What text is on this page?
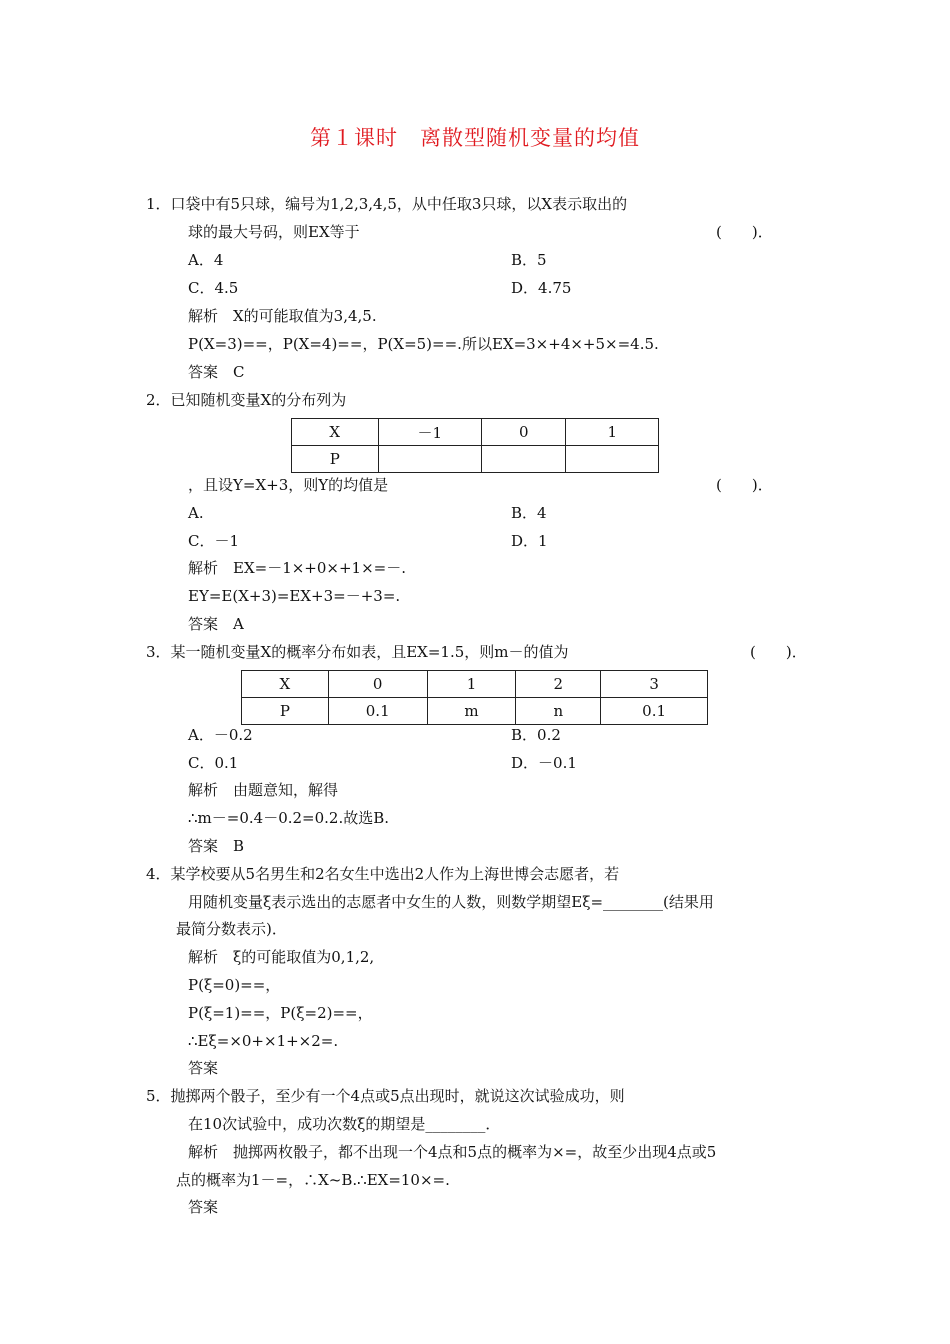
第１课时　离散型随机变量的均值
1．口袋中有5只球，编号为1,2,3,4,5，从中任取3只球，以X表示取出的
球的最大号码，则EX等于	(　　)．
A．4	B．5
C．4.5	D．4.75
解析　X的可能取值为3,4,5.
P(X=3)==，P(X=4)==，P(X=5)==.所以EX=3×+4×+5×=4.5.
答案　C
2．已知随机变量X的分布列为
X	－1	0	1
P			
，且设Y=X+3，则Y的均值是	(　　)．
A.	B．4
C．－1	D．1
解析　EX=－1×+0×+1×=－.
EY=E(X+3)=EX+3=－+3=.
答案　A
3．某一随机变量X的概率分布如表，且EX=1.5，则m－的值为	(　　)．
X	0	1	2	3
P	0.1	m	n	0.1
A．－0.2	B．0.2
C．0.1	D．－0.1
解析　由题意知，解得
∴m－=0.4－0.2=0.2.故选B.
答案　B
4．某学校要从5名男生和2名女生中选出2人作为上海世博会志愿者，若
用随机变量ξ表示选出的志愿者中女生的人数，则数学期望Eξ=________(结果用
最简分数表示)．
解析　ξ的可能取值为0,1,2,
P(ξ=0)==，
P(ξ=1)==，P(ξ=2)==，
∴Eξ=×0+×1+×2=.
答案
5．抛掷两个骰子，至少有一个4点或5点出现时，就说这次试验成功，则
在10次试验中，成功次数ξ的期望是________．
解析　抛掷两枚骰子，都不出现一个4点和5点的概率为×=，故至少出现4点或5
点的概率为1－=，∴X~B.∴EX=10×=.
答案
